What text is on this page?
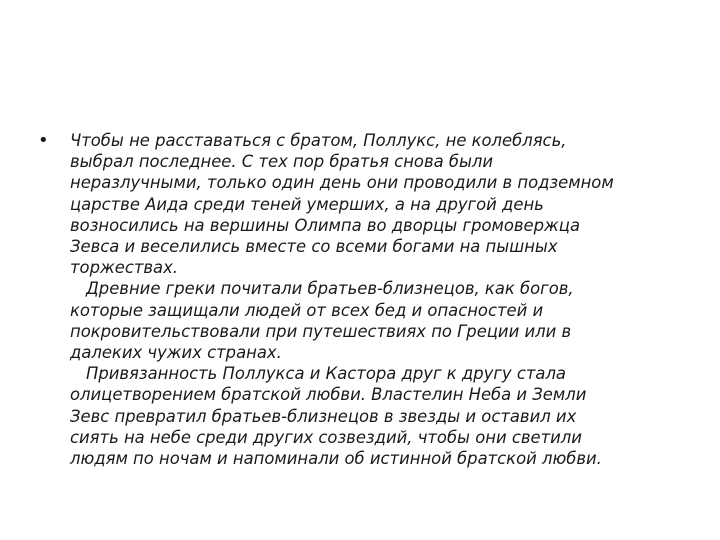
•	Чтобы не расставаться с братом, Поллукс, не колеблясь,
выбрал последнее. С тех пор братья снова были
неразлучными, только один день они проводили в подземном
царстве Аида среди теней умерших, а на другой день
возносились на вершины Олимпа во дворцы громовержца
Зевса и веселились вместе со всеми богами на пышных
торжествах.
Древние греки почитали братьев-близнецов, как богов,
которые защищали людей от всех бед и опасностей и
покровительствовали при путешествиях по Греции или в
далеких чужих странах.
Привязанность Поллукса и Кастора друг к другу стала
олицетворением братской любви. Властелин Неба и Земли
Зевс превратил братьев-близнецов в звезды и оставил их
сиять на небе среди других созвездий, чтобы они светили
людям по ночам и напоминали об истинной братской любви.
